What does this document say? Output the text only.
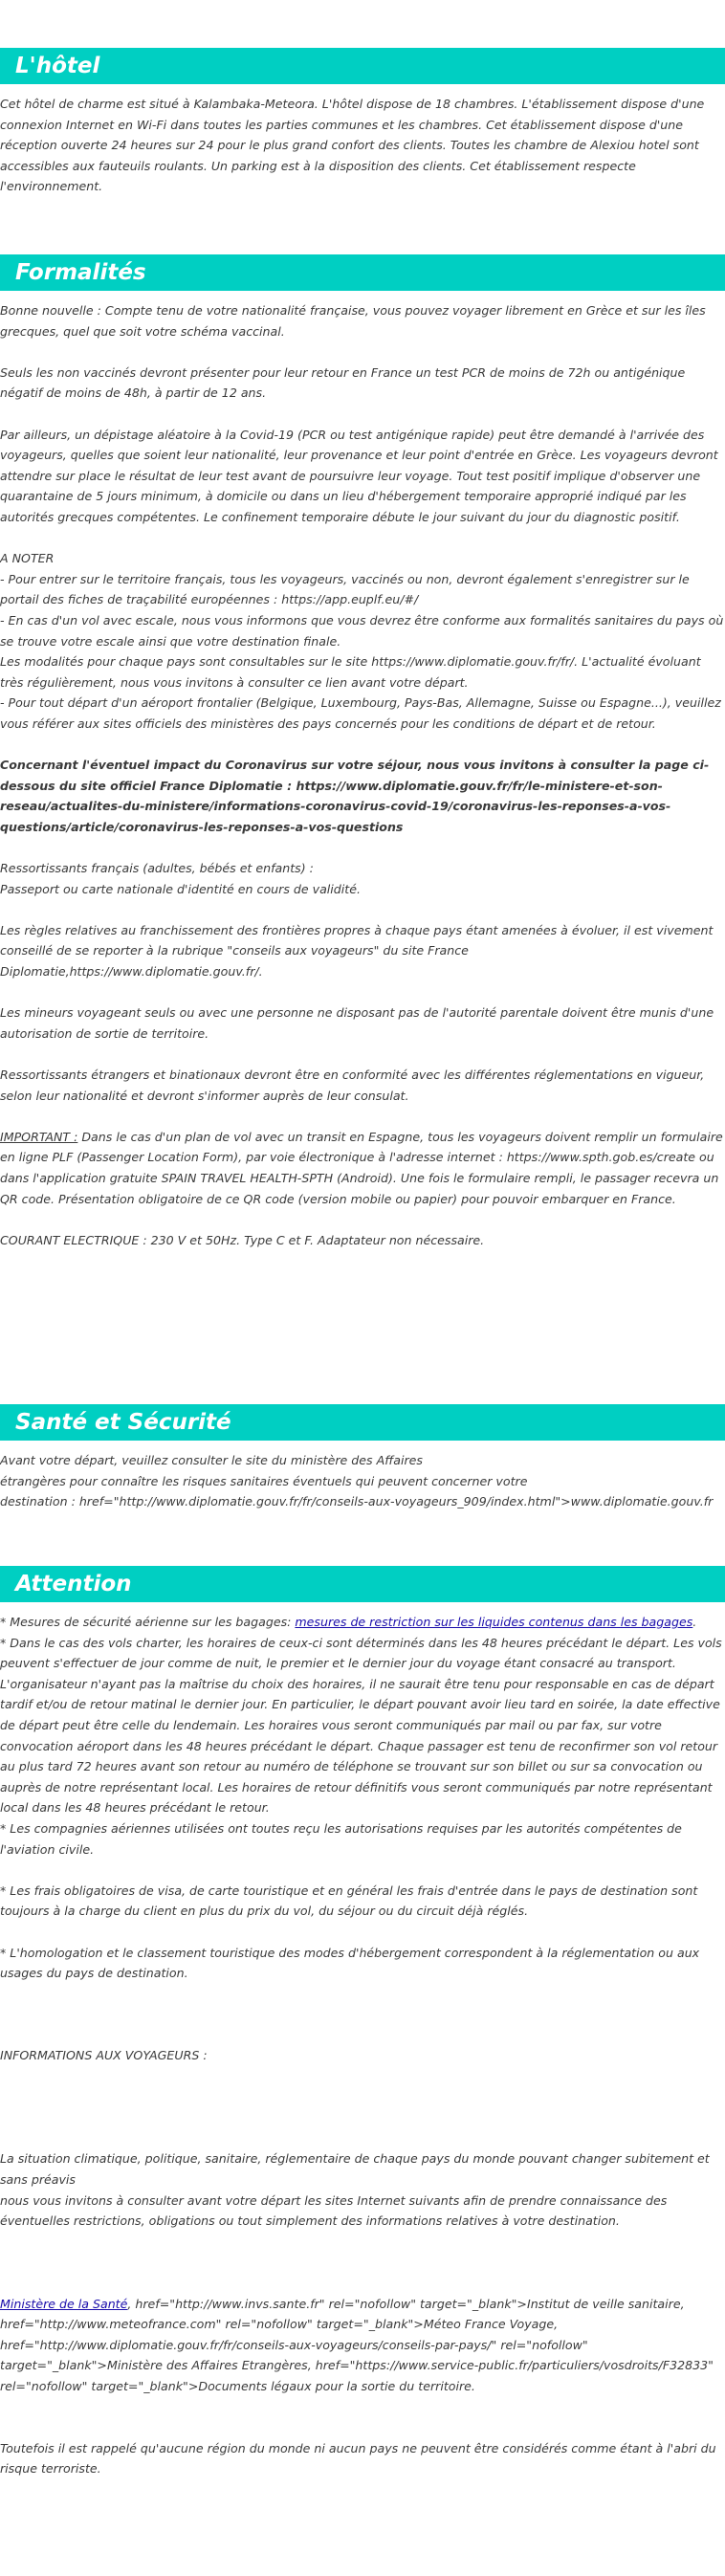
L'hôtel
Cet hôtel de charme est situé à Kalambaka-Meteora. L'hôtel dispose de 18 chambres. L'établissement dispose d'une connexion Internet en Wi-Fi dans toutes les parties communes et les chambres. Cet établissement dispose d'une réception ouverte 24 heures sur 24 pour le plus grand confort des clients. Toutes les chambre de Alexiou hotel sont accessibles aux fauteuils roulants. Un parking est à la disposition des clients. Cet établissement respecte l'environnement.
Formalités
Bonne nouvelle : Compte tenu de votre nationalité française, vous pouvez voyager librement en Grèce et sur les îles grecques, quel que soit votre schéma vaccinal.
Seuls les non vaccinés devront présenter pour leur retour en France un test PCR de moins de 72h ou antigénique négatif de moins de 48h, à partir de 12 ans.
Par ailleurs, un dépistage aléatoire à la Covid-19 (PCR ou test antigénique rapide) peut être demandé à l'arrivée des voyageurs, quelles que soient leur nationalité, leur provenance et leur point d'entrée en Grèce. Les voyageurs devront attendre sur place le résultat de leur test avant de poursuivre leur voyage. Tout test positif implique d'observer une quarantaine de 5 jours minimum, à domicile ou dans un lieu d'hébergement temporaire approprié indiqué par les autorités grecques compétentes. Le confinement temporaire débute le jour suivant du jour du diagnostic positif.
A NOTER
- Pour entrer sur le territoire français, tous les voyageurs, vaccinés ou non, devront également s'enregistrer sur le portail des fiches de traçabilité européennes : https://app.euplf.eu/#/
- En cas d'un vol avec escale, nous vous informons que vous devrez être conforme aux formalités sanitaires du pays où se trouve votre escale ainsi que votre destination finale.
Les modalités pour chaque pays sont consultables sur le site https://www.diplomatie.gouv.fr/fr/. L'actualité évoluant très régulièrement, nous vous invitons à consulter ce lien avant votre départ.
- Pour tout départ d'un aéroport frontalier (Belgique, Luxembourg, Pays-Bas, Allemagne, Suisse ou Espagne...), veuillez vous référer aux sites officiels des ministères des pays concernés pour les conditions de départ et de retour.
Concernant l'éventuel impact du Coronavirus sur votre séjour, nous vous invitons à consulter la page ci-dessous du site officiel France Diplomatie : https://www.diplomatie.gouv.fr/fr/le-ministere-et-son-reseau/actualites-du-ministere/informations-coronavirus-covid-19/coronavirus-les-reponses-a-vos-questions/article/coronavirus-les-reponses-a-vos-questions
Ressortissants français (adultes, bébés et enfants) :
Passeport ou carte nationale d'identité en cours de validité.
Les règles relatives au franchissement des frontières propres à chaque pays étant amenées à évoluer, il est vivement conseillé de se reporter à la rubrique "conseils aux voyageurs" du site France Diplomatie,https://www.diplomatie.gouv.fr/.
Les mineurs voyageant seuls ou avec une personne ne disposant pas de l'autorité parentale doivent être munis d'une autorisation de sortie de territoire.
Ressortissants étrangers et binationaux devront être en conformité avec les différentes réglementations en vigueur, selon leur nationalité et devront s'informer auprès de leur consulat.
IMPORTANT : Dans le cas d'un plan de vol avec un transit en Espagne, tous les voyageurs doivent remplir un formulaire en ligne PLF (Passenger Location Form), par voie électronique à l'adresse internet : https://www.spth.gob.es/create ou dans l'application gratuite SPAIN TRAVEL HEALTH-SPTH (Android). Une fois le formulaire rempli, le passager recevra un QR code. Présentation obligatoire de ce QR code (version mobile ou papier) pour pouvoir embarquer en France.
COURANT ELECTRIQUE : 230 V et 50Hz. Type C et F. Adaptateur non nécessaire.
Santé et Sécurité
Avant votre départ, veuillez consulter le site du ministère des Affaires
étrangères pour connaître les risques sanitaires éventuels qui peuvent concerner votre
destination : href="http://www.diplomatie.gouv.fr/fr/conseils-aux-voyageurs_909/index.html">www.diplomatie.gouv.fr
Attention
* Mesures de sécurité aérienne sur les bagages: mesures de restriction sur les liquides contenus dans les bagages.
* Dans le cas des vols charter, les horaires de ceux-ci sont déterminés dans les 48 heures précédant le départ. Les vols peuvent s'effectuer de jour comme de nuit, le premier et le dernier jour du voyage étant consacré au transport. L'organisateur n'ayant pas la maîtrise du choix des horaires, il ne saurait être tenu pour responsable en cas de départ tardif et/ou de retour matinal le dernier jour. En particulier, le départ pouvant avoir lieu tard en soirée, la date effective de départ peut être celle du lendemain. Les horaires vous seront communiqués par mail ou par fax, sur votre convocation aéroport dans les 48 heures précédant le départ. Chaque passager est tenu de reconfirmer son vol retour au plus tard 72 heures avant son retour au numéro de téléphone se trouvant sur son billet ou sur sa convocation ou auprès de notre représentant local. Les horaires de retour définitifs vous seront communiqués par notre représentant local dans les 48 heures précédant le retour.
* Les compagnies aériennes utilisées ont toutes reçu les autorisations requises par les autorités compétentes de l'aviation civile.
* Les frais obligatoires de visa, de carte touristique et en général les frais d'entrée dans le pays de destination sont toujours à la charge du client en plus du prix du vol, du séjour ou du circuit déjà réglés.
* L'homologation et le classement touristique des modes d'hébergement correspondent à la réglementation ou aux usages du pays de destination.
INFORMATIONS AUX VOYAGEURS :
La situation climatique, politique, sanitaire, réglementaire de chaque pays du monde pouvant changer subitement et sans préavis
nous vous invitons à consulter avant votre départ les sites Internet suivants afin de prendre connaissance des éventuelles restrictions, obligations ou tout simplement des informations relatives à votre destination.
Ministère de la Santé, href="http://www.invs.sante.fr" rel="nofollow" target="_blank">Institut de veille sanitaire, href="http://www.meteofrance.com" rel="nofollow" target="_blank">Méteo France Voyage, href="http://www.diplomatie.gouv.fr/fr/conseils-aux-voyageurs/conseils-par-pays/" rel="nofollow" target="_blank">Ministère des Affaires Etrangères, href="https://www.service-public.fr/particuliers/vosdroits/F32833" rel="nofollow" target="_blank">Documents légaux pour la sortie du territoire.
Toutefois il est rappelé qu'aucune région du monde ni aucun pays ne peuvent être considérés comme étant à l'abri du risque terroriste.
